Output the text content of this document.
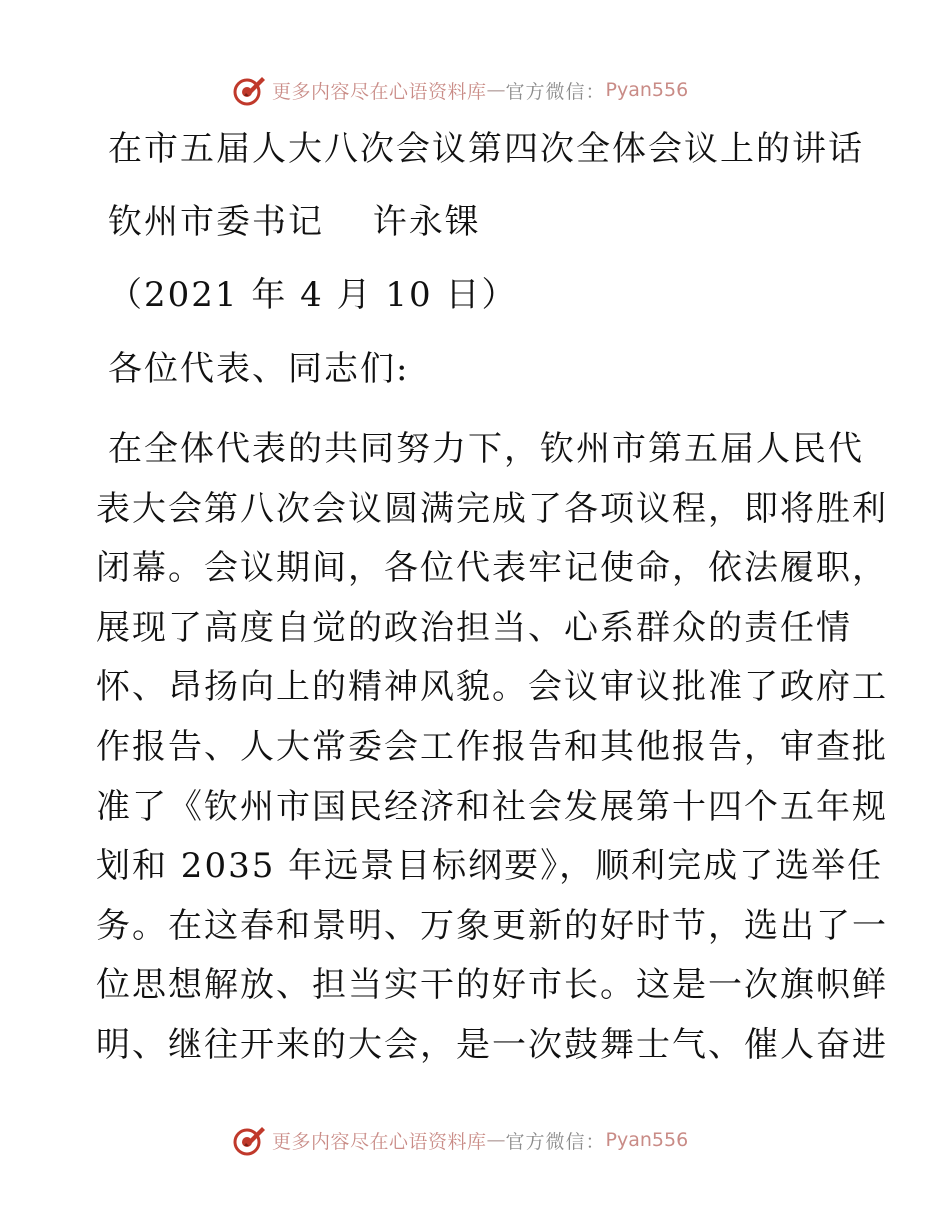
更多内容尽在心语资料库 — 官方微信： Pyan556
在市五届人大八次会议第四次全体会议上的讲话
钦州市委书记　 许永锞
（2021 年 4 月 10 日）
各位代表、同志们:
在全体代表的共同努力下，钦州市第五届人民代
表大会第八次会议圆满完成了各项议程，即将胜利
闭幕。会议期间，各位代表牢记使命，依法履职，
展现了高度自觉的政治担当、心系群众的责任情
怀、昂扬向上的精神风貌。会议审议批准了政府工
作报告、人大常委会工作报告和其他报告，审查批
准了《钦州市国民经济和社会发展第十四个五年规
划和 2035 年远景目标纲要》，顺利完成了选举任
务。在这春和景明、万象更新的好时节，选出了一
位思想解放、担当实干的好市长。这是一次旗帜鲜
明、继往开来的大会，是一次鼓舞士气、催人奋进
更多内容尽在心语资料库 — 官方微信： Pyan556
